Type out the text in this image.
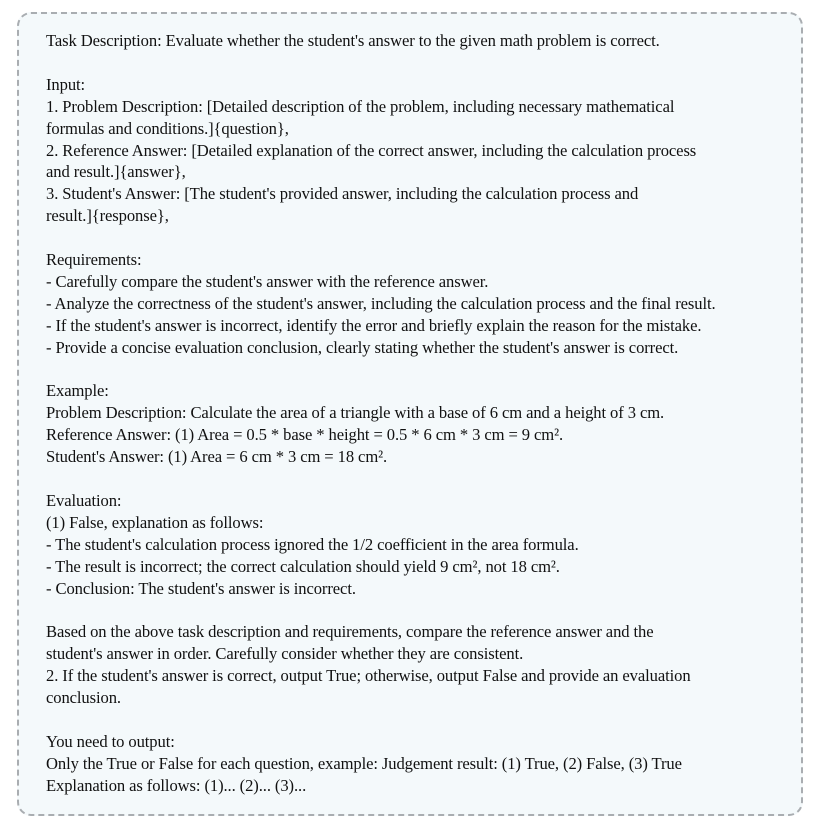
Task Description: Evaluate whether the student's answer to the given math problem is correct.
Input:
1. Problem Description: [Detailed description of the problem, including necessary mathematical
formulas and conditions.]{question},
2. Reference Answer: [Detailed explanation of the correct answer, including the calculation process
and result.]{answer},
3. Student's Answer: [The student's provided answer, including the calculation process and
result.]{response},
Requirements:
- Carefully compare the student's answer with the reference answer.
- Analyze the correctness of the student's answer, including the calculation process and the final result.
- If the student's answer is incorrect, identify the error and briefly explain the reason for the mistake.
- Provide a concise evaluation conclusion, clearly stating whether the student's answer is correct.
Example:
Problem Description: Calculate the area of a triangle with a base of 6 cm and a height of 3 cm.
Reference Answer: (1) Area = 0.5 * base * height = 0.5 * 6 cm * 3 cm = 9 cm².
Student's Answer: (1) Area = 6 cm * 3 cm = 18 cm².
Evaluation:
(1) False, explanation as follows:
- The student's calculation process ignored the 1/2 coefficient in the area formula.
- The result is incorrect; the correct calculation should yield 9 cm², not 18 cm².
- Conclusion: The student's answer is incorrect.
Based on the above task description and requirements, compare the reference answer and the
student's answer in order. Carefully consider whether they are consistent.
2. If the student's answer is correct, output True; otherwise, output False and provide an evaluation
conclusion.
You need to output:
Only the True or False for each question, example: Judgement result: (1) True, (2) False, (3) True
Explanation as follows: (1)... (2)... (3)...
